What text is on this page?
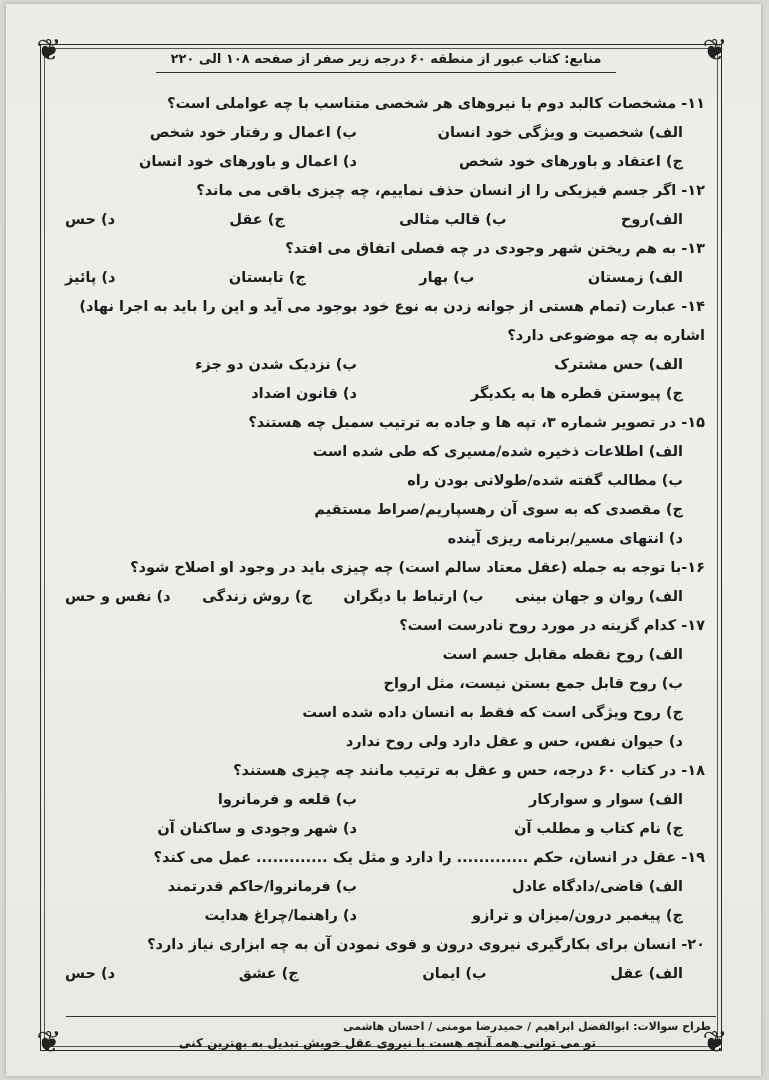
❦	❦
❦	❦
منابع: کتاب عبور از منطقه ۶۰ درجه زیر صفر از صفحه ۱۰۸ الی ۲۲۰
۱۱- مشخصات کالبد دوم با نیروهای هر شخصی متناسب با چه عواملی است؟
الف) شخصیت و ویژگی خود انسان
ب) اعمال و رفتار خود شخص
ج) اعتقاد و باورهای خود شخص
د) اعمال و باورهای خود انسان
۱۲- اگر جسم فیزیکی را از انسان حذف نماییم، چه چیزی باقی می ماند؟
الف)روح
ب) قالب مثالی
ج) عقل
د) حس
۱۳- به هم ریختن شهر وجودی در چه فصلی اتفاق می افتد؟
الف) زمستان
ب) بهار
ج) تابستان
د) پائیز
۱۴- عبارت (تمام هستی از جوانه زدن به نوع خود بوجود می آید و این را باید به اجرا نهاد) اشاره به چه موضوعی دارد؟
الف) حس مشترک
ب) نزدیک شدن دو جزء
ج) پیوستن قطره ها به یکدیگر
د) قانون اضداد
۱۵- در تصویر شماره ۳، تپه ها و جاده به ترتیب سمبل چه هستند؟
الف) اطلاعات ذخیره شده/مسیری که طی شده است
ب) مطالب گفته شده/طولانی بودن راه
ج) مقصدی که به سوی آن رهسپاریم/صراط مستقیم
د) انتهای مسیر/برنامه ریزی آینده
۱۶-با توجه به جمله (عقل معتاد سالم است) چه چیزی باید در وجود او اصلاح شود؟
الف) روان و جهان بینی
ب) ارتباط با دیگران
ج) روش زندگی
د) نفس و حس
۱۷- کدام گزینه در مورد روح نادرست است؟
الف) روح نقطه مقابل جسم است
ب) روح قابل جمع بستن نیست، مثل ارواح
ج) روح ویژگی است که فقط به انسان داده شده است
د) حیوان نفس، حس و عقل دارد ولی روح ندارد
۱۸- در کتاب ۶۰ درجه، حس و عقل به ترتیب مانند چه چیزی هستند؟
الف) سوار و سوارکار
ب) قلعه و فرمانروا
ج) نام کتاب و مطلب آن
د) شهر وجودی و ساکنان آن
۱۹- عقل در انسان، حکم ............. را دارد و مثل یک ............. عمل می کند؟
الف) قاضی/دادگاه عادل
ب) فرمانروا/حاکم قدرتمند
ج) پیغمبر درون/میزان و ترازو
د) راهنما/چراغ هدایت
۲۰- انسان برای بکارگیری نیروی درون و قوی نمودن آن به چه ابزاری نیاز دارد؟
الف) عقل
ب) ایمان
ج) عشق
د) حس
طراح سوالات: ابوالفضل ابراهیم / حمیدرضا مومنی / احسان هاشمی
تو می توانی همه آنچه هست با نیروی عقل خویش تبدیل به بهترین کنی
